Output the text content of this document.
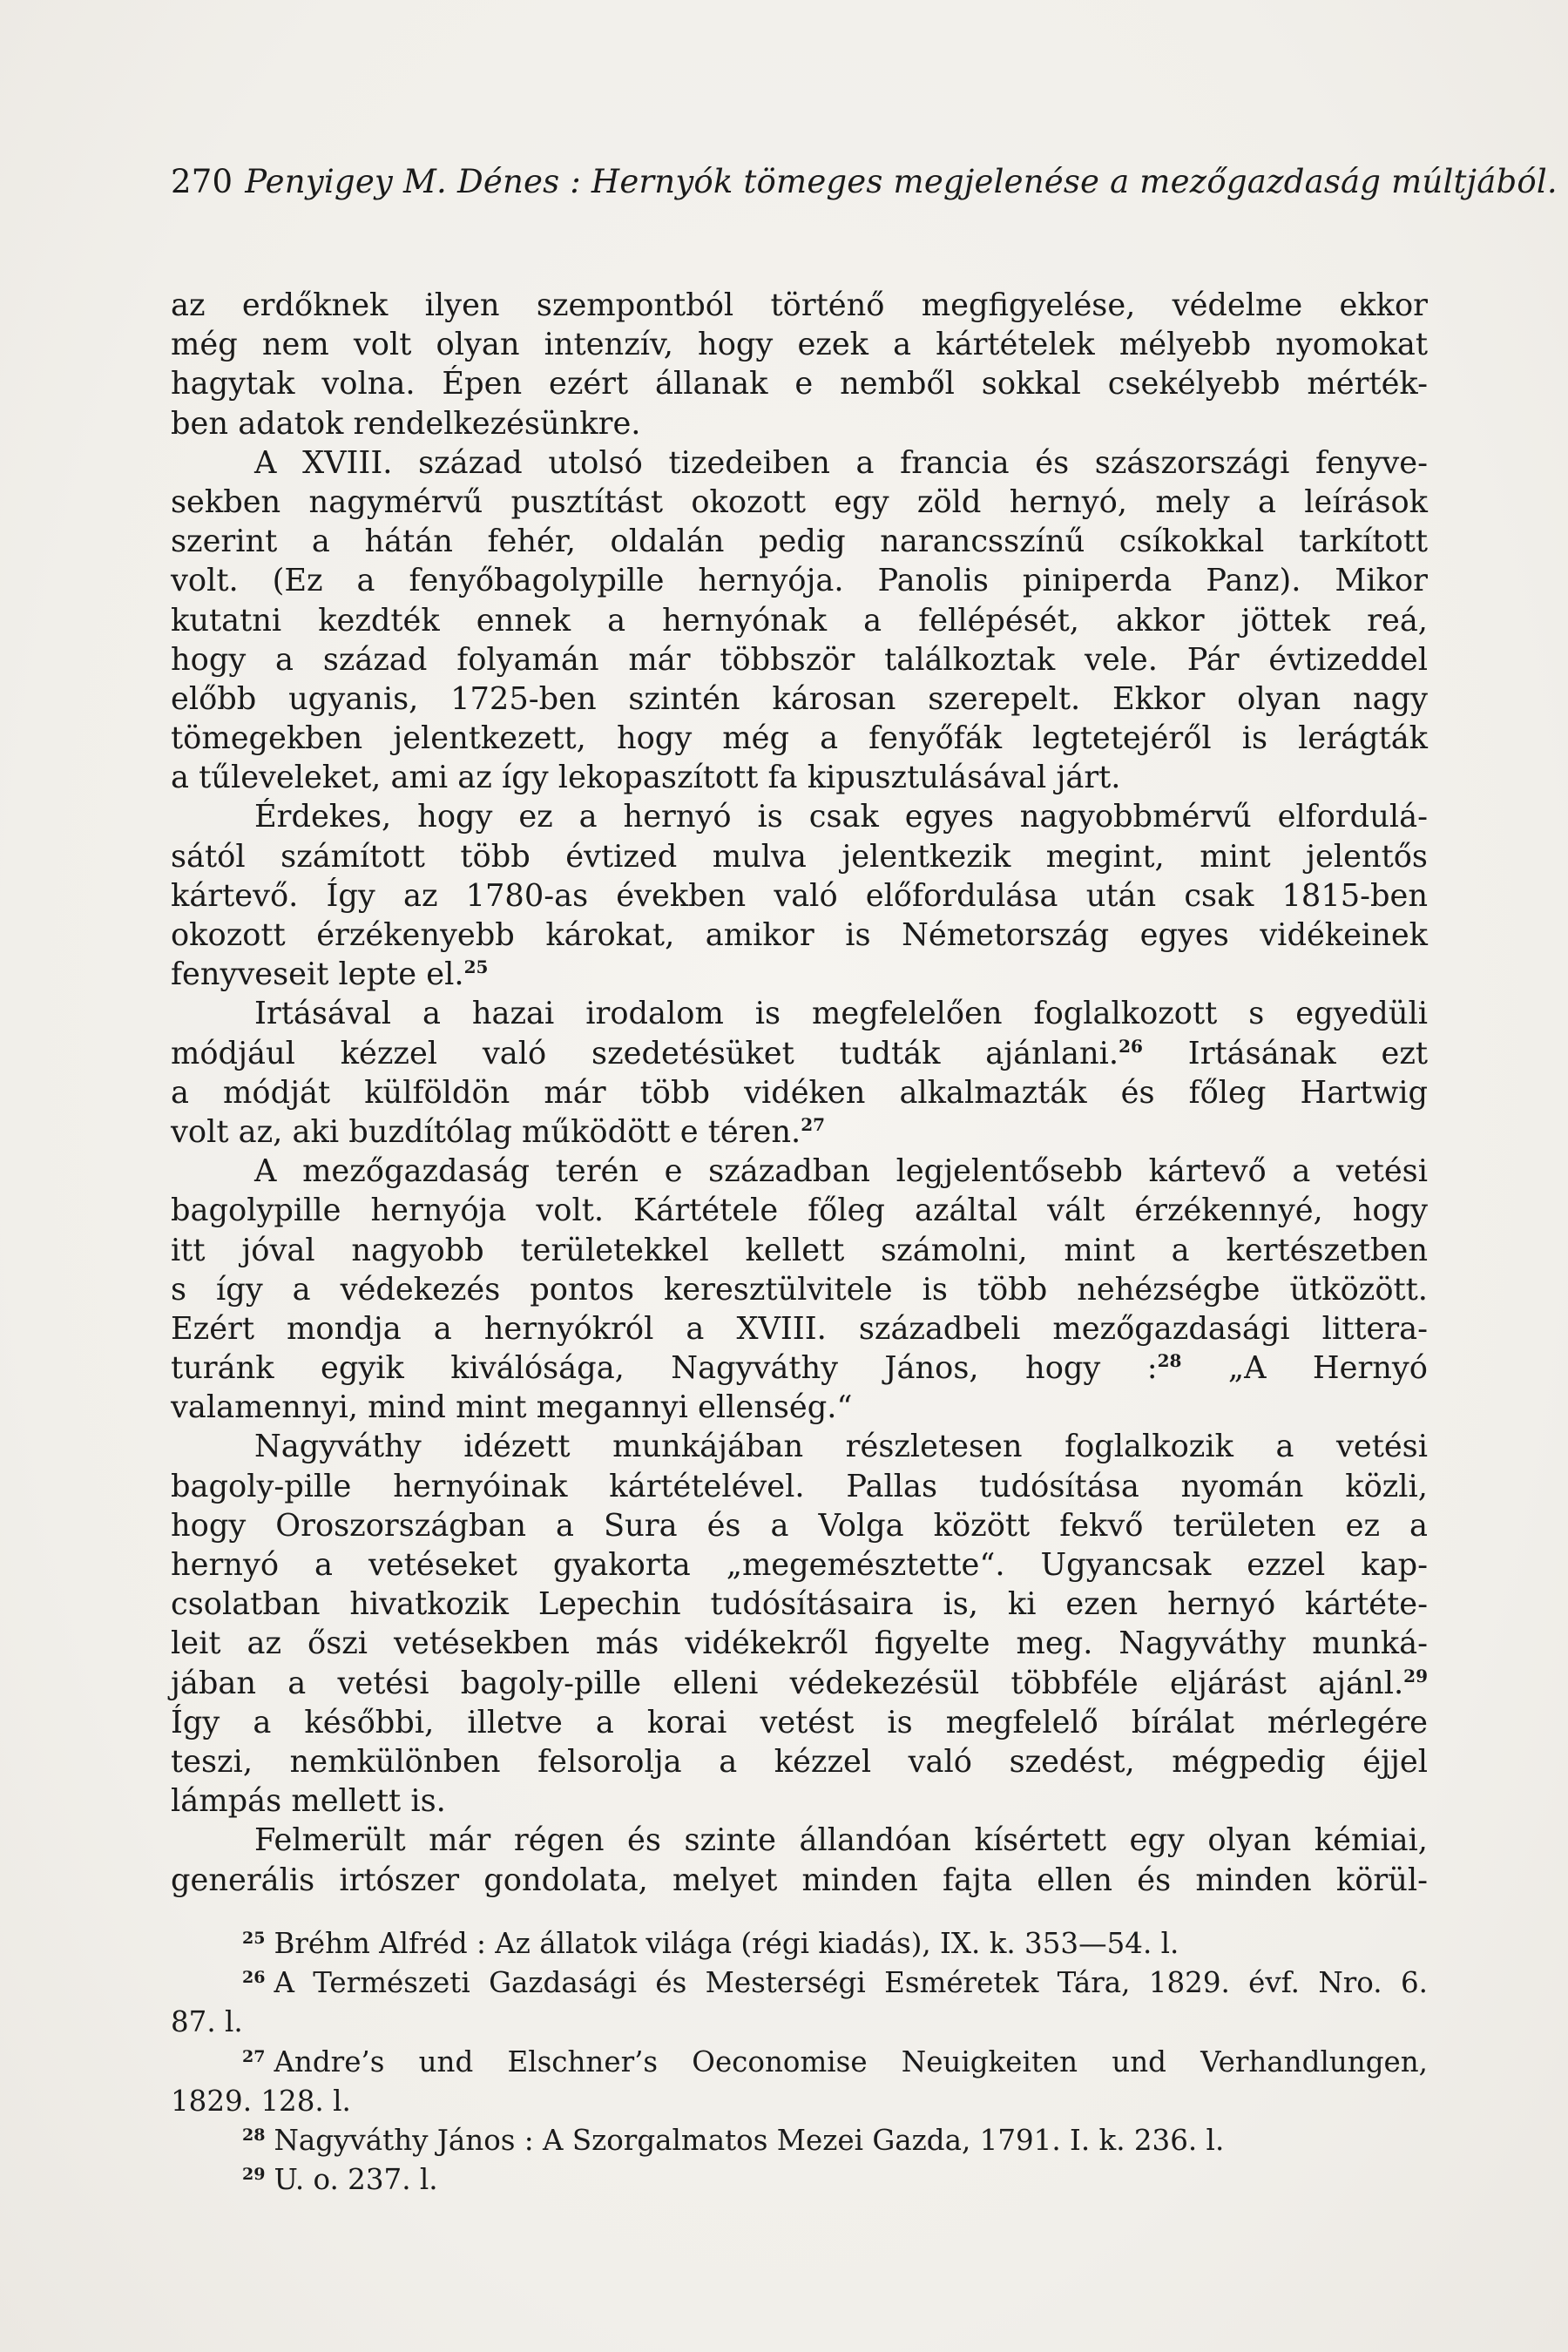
270 Penyigey M. Dénes : Hernyók tömeges megjelenése a mezőgazdaság múltjából.
az erdőknek ilyen szempontból történő megfigyelése, védelme ekkor
még nem volt olyan intenzív, hogy ezek a kártételek mélyebb nyomokat
hagytak volna. Épen ezért állanak e nemből sokkal csekélyebb mérték-
ben adatok rendelkezésünkre.
A XVIII. század utolsó tizedeiben a francia és szászországi fenyve-
sekben nagymérvű pusztítást okozott egy zöld hernyó, mely a leírások
szerint a hátán fehér, oldalán pedig narancsszínű csíkokkal tarkított
volt. (Ez a fenyőbagolypille hernyója. Panolis piniperda Panz). Mikor
kutatni kezdték ennek a hernyónak a fellépését, akkor jöttek reá,
hogy a század folyamán már többször találkoztak vele. Pár évtizeddel
előbb ugyanis, 1725-ben szintén károsan szerepelt. Ekkor olyan nagy
tömegekben jelentkezett, hogy még a fenyőfák legtetejéről is lerágták
a tűleveleket, ami az így lekopaszított fa kipusztulásával járt.
Érdekes, hogy ez a hernyó is csak egyes nagyobbmérvű elfordulá-
sától számított több évtized mulva jelentkezik megint, mint jelentős
kártevő. Így az 1780-as években való előfordulása után csak 1815-ben
okozott érzékenyebb károkat, amikor is Németország egyes vidékeinek
fenyveseit lepte el.$^{25}$
Irtásával a hazai irodalom is megfelelően foglalkozott s egyedüli
módjául kézzel való szedetésüket tudták ajánlani.$^{26}$ Irtásának ezt
a módját külföldön már több vidéken alkalmazták és főleg Hartwig
volt az, aki buzdítólag működött e téren.$^{27}$
A mezőgazdaság terén e században legjelentősebb kártevő a vetési
bagolypille hernyója volt. Kártétele főleg azáltal vált érzékennyé, hogy
itt jóval nagyobb területekkel kellett számolni, mint a kertészetben
s így a védekezés pontos keresztülvitele is több nehézségbe ütközött.
Ezért mondja a hernyókról a XVIII. századbeli mezőgazdasági littera-
turánk egyik kiválósága, Nagyváthy János, hogy :$^{28}$ „A Hernyó
valamennyi, mind mint megannyi ellenség.“
Nagyváthy idézett munkájában részletesen foglalkozik a vetési
bagoly-pille hernyóinak kártételével. Pallas tudósítása nyomán közli,
hogy Oroszországban a Sura és a Volga között fekvő területen ez a
hernyó a vetéseket gyakorta „megemésztette“. Ugyancsak ezzel kap-
csolatban hivatkozik Lepechin tudósításaira is, ki ezen hernyó kártéte-
leit az őszi vetésekben más vidékekről figyelte meg. Nagyváthy munká-
jában a vetési bagoly-pille elleni védekezésül többféle eljárást ajánl.$^{29}$
Így a későbbi, illetve a korai vetést is megfelelő bírálat mérlegére
teszi, nemkülönben felsorolja a kézzel való szedést, mégpedig éjjel
lámpás mellett is.
Felmerült már régen és szinte állandóan kísértett egy olyan kémiai,
generális irtószer gondolata, melyet minden fajta ellen és minden körül-
$^{25}$ Bréhm Alfréd : Az állatok világa (régi kiadás), IX. k. 353—54. l.
$^{26}$ A Természeti Gazdasági és Mesterségi Esméretek Tára, 1829. évf. Nro. 6.
87. l.
$^{27}$ Andre’s und Elschner’s Oeconomise Neuigkeiten und Verhandlungen,
1829. 128. l.
$^{28}$ Nagyváthy János : A Szorgalmatos Mezei Gazda, 1791. I. k. 236. l.
$^{29}$ U. o. 237. l.
